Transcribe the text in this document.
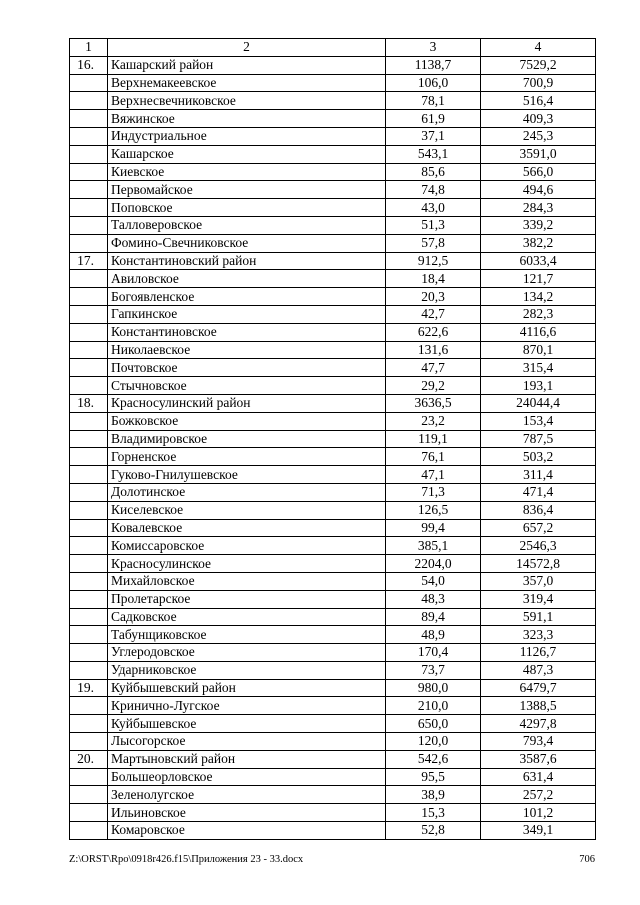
1	2	3	4
16.	Кашарский район	1138,7	7529,2
	Верхнемакеевское	106,0	700,9
	Верхнесвечниковское	78,1	516,4
	Вяжинское	61,9	409,3
	Индустриальное	37,1	245,3
	Кашарское	543,1	3591,0
	Киевское	85,6	566,0
	Первомайское	74,8	494,6
	Поповское	43,0	284,3
	Талловеровское	51,3	339,2
	Фомино-Свечниковское	57,8	382,2
17.	Константиновский район	912,5	6033,4
	Авиловское	18,4	121,7
	Богоявленское	20,3	134,2
	Гапкинское	42,7	282,3
	Константиновское	622,6	4116,6
	Николаевское	131,6	870,1
	Почтовское	47,7	315,4
	Стычновское	29,2	193,1
18.	Красносулинский район	3636,5	24044,4
	Божковское	23,2	153,4
	Владимировское	119,1	787,5
	Горненское	76,1	503,2
	Гуково-Гнилушевское	47,1	311,4
	Долотинское	71,3	471,4
	Киселевское	126,5	836,4
	Ковалевское	99,4	657,2
	Комиссаровское	385,1	2546,3
	Красносулинское	2204,0	14572,8
	Михайловское	54,0	357,0
	Пролетарское	48,3	319,4
	Садковское	89,4	591,1
	Табунщиковское	48,9	323,3
	Углеродовское	170,4	1126,7
	Ударниковское	73,7	487,3
19.	Куйбышевский район	980,0	6479,7
	Кринично-Лугское	210,0	1388,5
	Куйбышевское	650,0	4297,8
	Лысогорское	120,0	793,4
20.	Мартыновский район	542,6	3587,6
	Большеорловское	95,5	631,4
	Зеленолугское	38,9	257,2
	Ильиновское	15,3	101,2
	Комаровское	52,8	349,1
Z:\ORST\Rpo\0918r426.f15\Приложения 23 - 33.docx	706
